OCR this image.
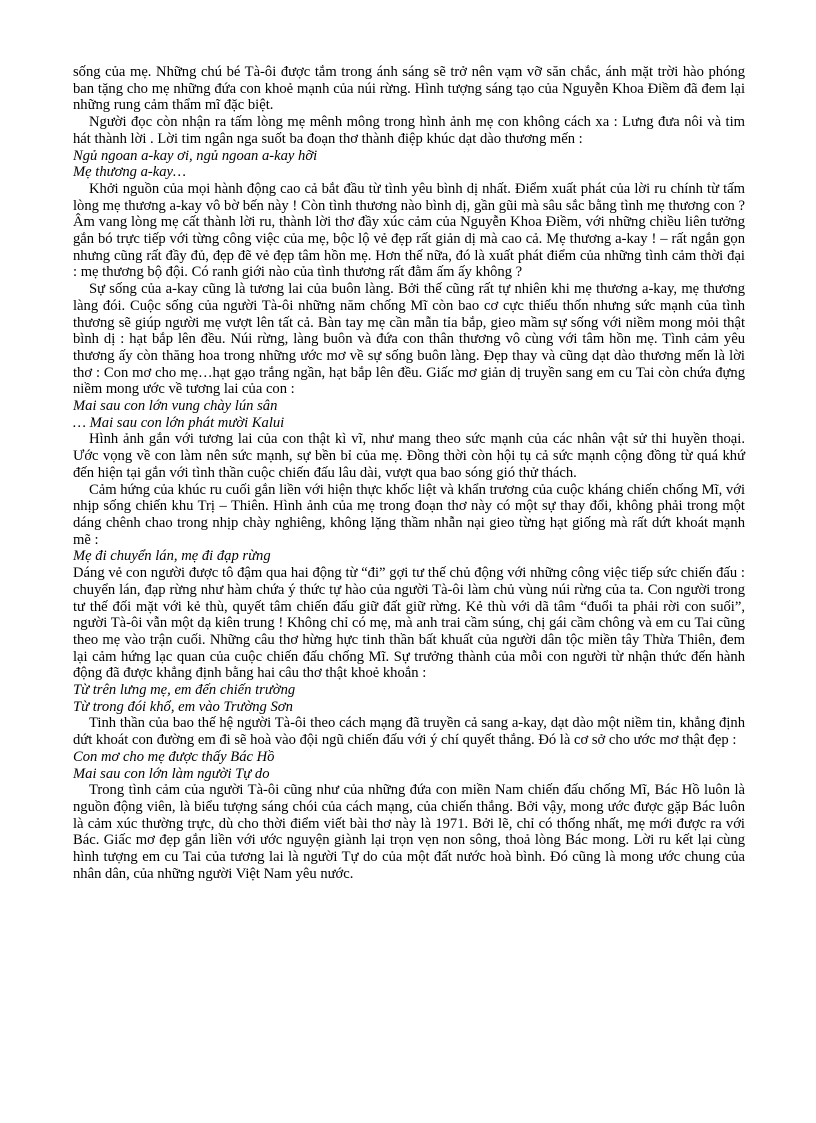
sống của mẹ. Những chú bé Tà-ôi được tắm trong ánh sáng sẽ trở nên vạm vỡ săn chắc, ánh mặt trời hào phóng ban tặng cho mẹ những đứa con khoẻ mạnh của núi rừng. Hình tượng sáng tạo của Nguyễn Khoa Điềm đã đem lại những rung cảm thẩm mĩ đặc biệt.

Người đọc còn nhận ra tấm lòng mẹ mênh mông trong hình ảnh mẹ con không cách xa : Lưng đưa nôi và tim hát thành lời . Lời tim ngân nga suốt ba đoạn thơ thành điệp khúc dạt dào thương mến :

Ngủ ngoan a-kay ơi, ngủ ngoan a-kay hỡi

Mẹ thương a-kay…

Khởi nguồn của mọi hành động cao cả bắt đầu từ tình yêu bình dị nhất. Điểm xuất phát của lời ru chính từ tấm lòng mẹ thương a-kay vô bờ bến này ! Còn tình thương nào bình dị, gần gũi mà sâu sắc bằng tình mẹ thương con ? Âm vang lòng mẹ cất thành lời ru, thành lời thơ đầy xúc cảm của Nguyễn Khoa Điềm, với những chiều liên tưởng gắn bó trực tiếp với từng công việc của mẹ, bộc lộ vẻ đẹp rất giản dị mà cao cả. Mẹ thương a-kay ! – rất ngắn gọn nhưng cũng rất đầy đủ, đẹp đẽ vẻ đẹp tâm hồn mẹ. Hơn thế nữa, đó là xuất phát điểm của những tình cảm thời đại : mẹ thương bộ đội. Có ranh giới nào của tình thương rất đằm ấm ấy không ?

Sự sống của a-kay cũng là tương lai của buôn làng. Bởi thế cũng rất tự nhiên khi mẹ thương a-kay, mẹ thương làng đói. Cuộc sống của người Tà-ôi những năm chống Mĩ còn bao cơ cực thiếu thốn nhưng sức mạnh của tình thương sẽ giúp người mẹ vượt lên tất cả. Bàn tay mẹ cần mẫn tỉa bắp, gieo mầm sự sống với niềm mong mỏi thật bình dị : hạt bắp lên đều. Núi rừng, làng buôn và đứa con thân thương vô cùng với tâm hồn mẹ. Tình cảm yêu thương ấy còn thăng hoa trong những ước mơ về sự sống buôn làng. Đẹp thay và cũng dạt dào thương mến là lời thơ : Con mơ cho mẹ…hạt gạo trắng ngần, hạt bắp lên đều. Giấc mơ giản dị truyền sang em cu Tai còn chứa đựng niềm mong ước về tương lai của con :

Mai sau con lớn vung chày lún sân

… Mai sau con lớn phát mười Kalui

Hình ảnh gắn với tương lai của con thật kì vĩ, như mang theo sức mạnh của các nhân vật sử thi huyền thoại. Ước vọng về con làm nên sức mạnh, sự bền bỉ của mẹ. Đồng thời còn hội tụ cả sức mạnh cộng đồng từ quá khứ đến hiện tại gắn với tình thần cuộc chiến đấu lâu dài, vượt qua bao sóng gió thử thách.

Cảm hứng của khúc ru cuối gắn liền với hiện thực khốc liệt và khẩn trương của cuộc kháng chiến chống Mĩ, với nhịp sống chiến khu Trị – Thiên. Hình ảnh của mẹ trong đoạn thơ này có một sự thay đổi, không phải trong một dáng chênh chao trong nhịp chày nghiêng, không lặng thầm nhẫn nại gieo từng hạt giống mà rất dứt khoát mạnh mẽ :

Mẹ đi chuyển lán, mẹ đi đạp rừng

Dáng vẻ con người được tô đậm qua hai động từ “đi” gợi tư thế chủ động với những công việc tiếp sức chiến đấu : chuyển lán, đạp rừng như hàm chứa ý thức tự hào của người Tà-ôi làm chủ vùng núi rừng của ta. Con người trong tư thế đối mặt với kẻ thù, quyết tâm chiến đấu giữ đất giữ rừng. Kẻ thù với dã tâm “đuổi ta phải rời con suối”, người Tà-ôi vẫn một dạ kiên trung ! Không chỉ có mẹ, mà anh trai cầm súng, chị gái cầm chông và em cu Tai cũng theo mẹ vào trận cuối. Những câu thơ hừng hực tinh thần bất khuất của người dân tộc miền tây Thừa Thiên, đem lại cảm hứng lạc quan của cuộc chiến đấu chống Mĩ. Sự trưởng thành của mỗi con người từ nhận thức đến hành động đã được khẳng định bằng hai câu thơ thật khoẻ khoắn :

Từ trên lưng mẹ, em đến chiến trường

Từ trong đói khổ, em vào Trường Sơn

Tinh thần của bao thế hệ người Tà-ôi theo cách mạng đã truyền cả sang a-kay, dạt dào một niềm tin, khẳng định dứt khoát con đường em đi sẽ hoà vào đội ngũ chiến đấu với ý chí quyết thắng. Đó là cơ sở cho ước mơ thật đẹp :

Con mơ cho mẹ được thấy Bác Hồ

Mai sau con lớn làm người Tự do

Trong tình cảm của người Tà-ôi cũng như của những đứa con miền Nam chiến đấu chống Mĩ, Bác Hồ luôn là nguồn động viên, là biểu tượng sáng chói của cách mạng, của chiến thắng. Bởi vậy, mong ước được gặp Bác luôn là cảm xúc thường trực, dù cho thời điểm viết bài thơ này là 1971. Bởi lẽ, chỉ có thống nhất, mẹ mới được ra với Bác. Giấc mơ đẹp gắn liền với ước nguyện giành lại trọn vẹn non sông, thoả lòng Bác mong. Lời ru kết lại cùng hình tượng em cu Tai của tương lai là người Tự do của một đất nước hoà bình. Đó cũng là mong ước chung của nhân dân, của những người Việt Nam yêu nước.
